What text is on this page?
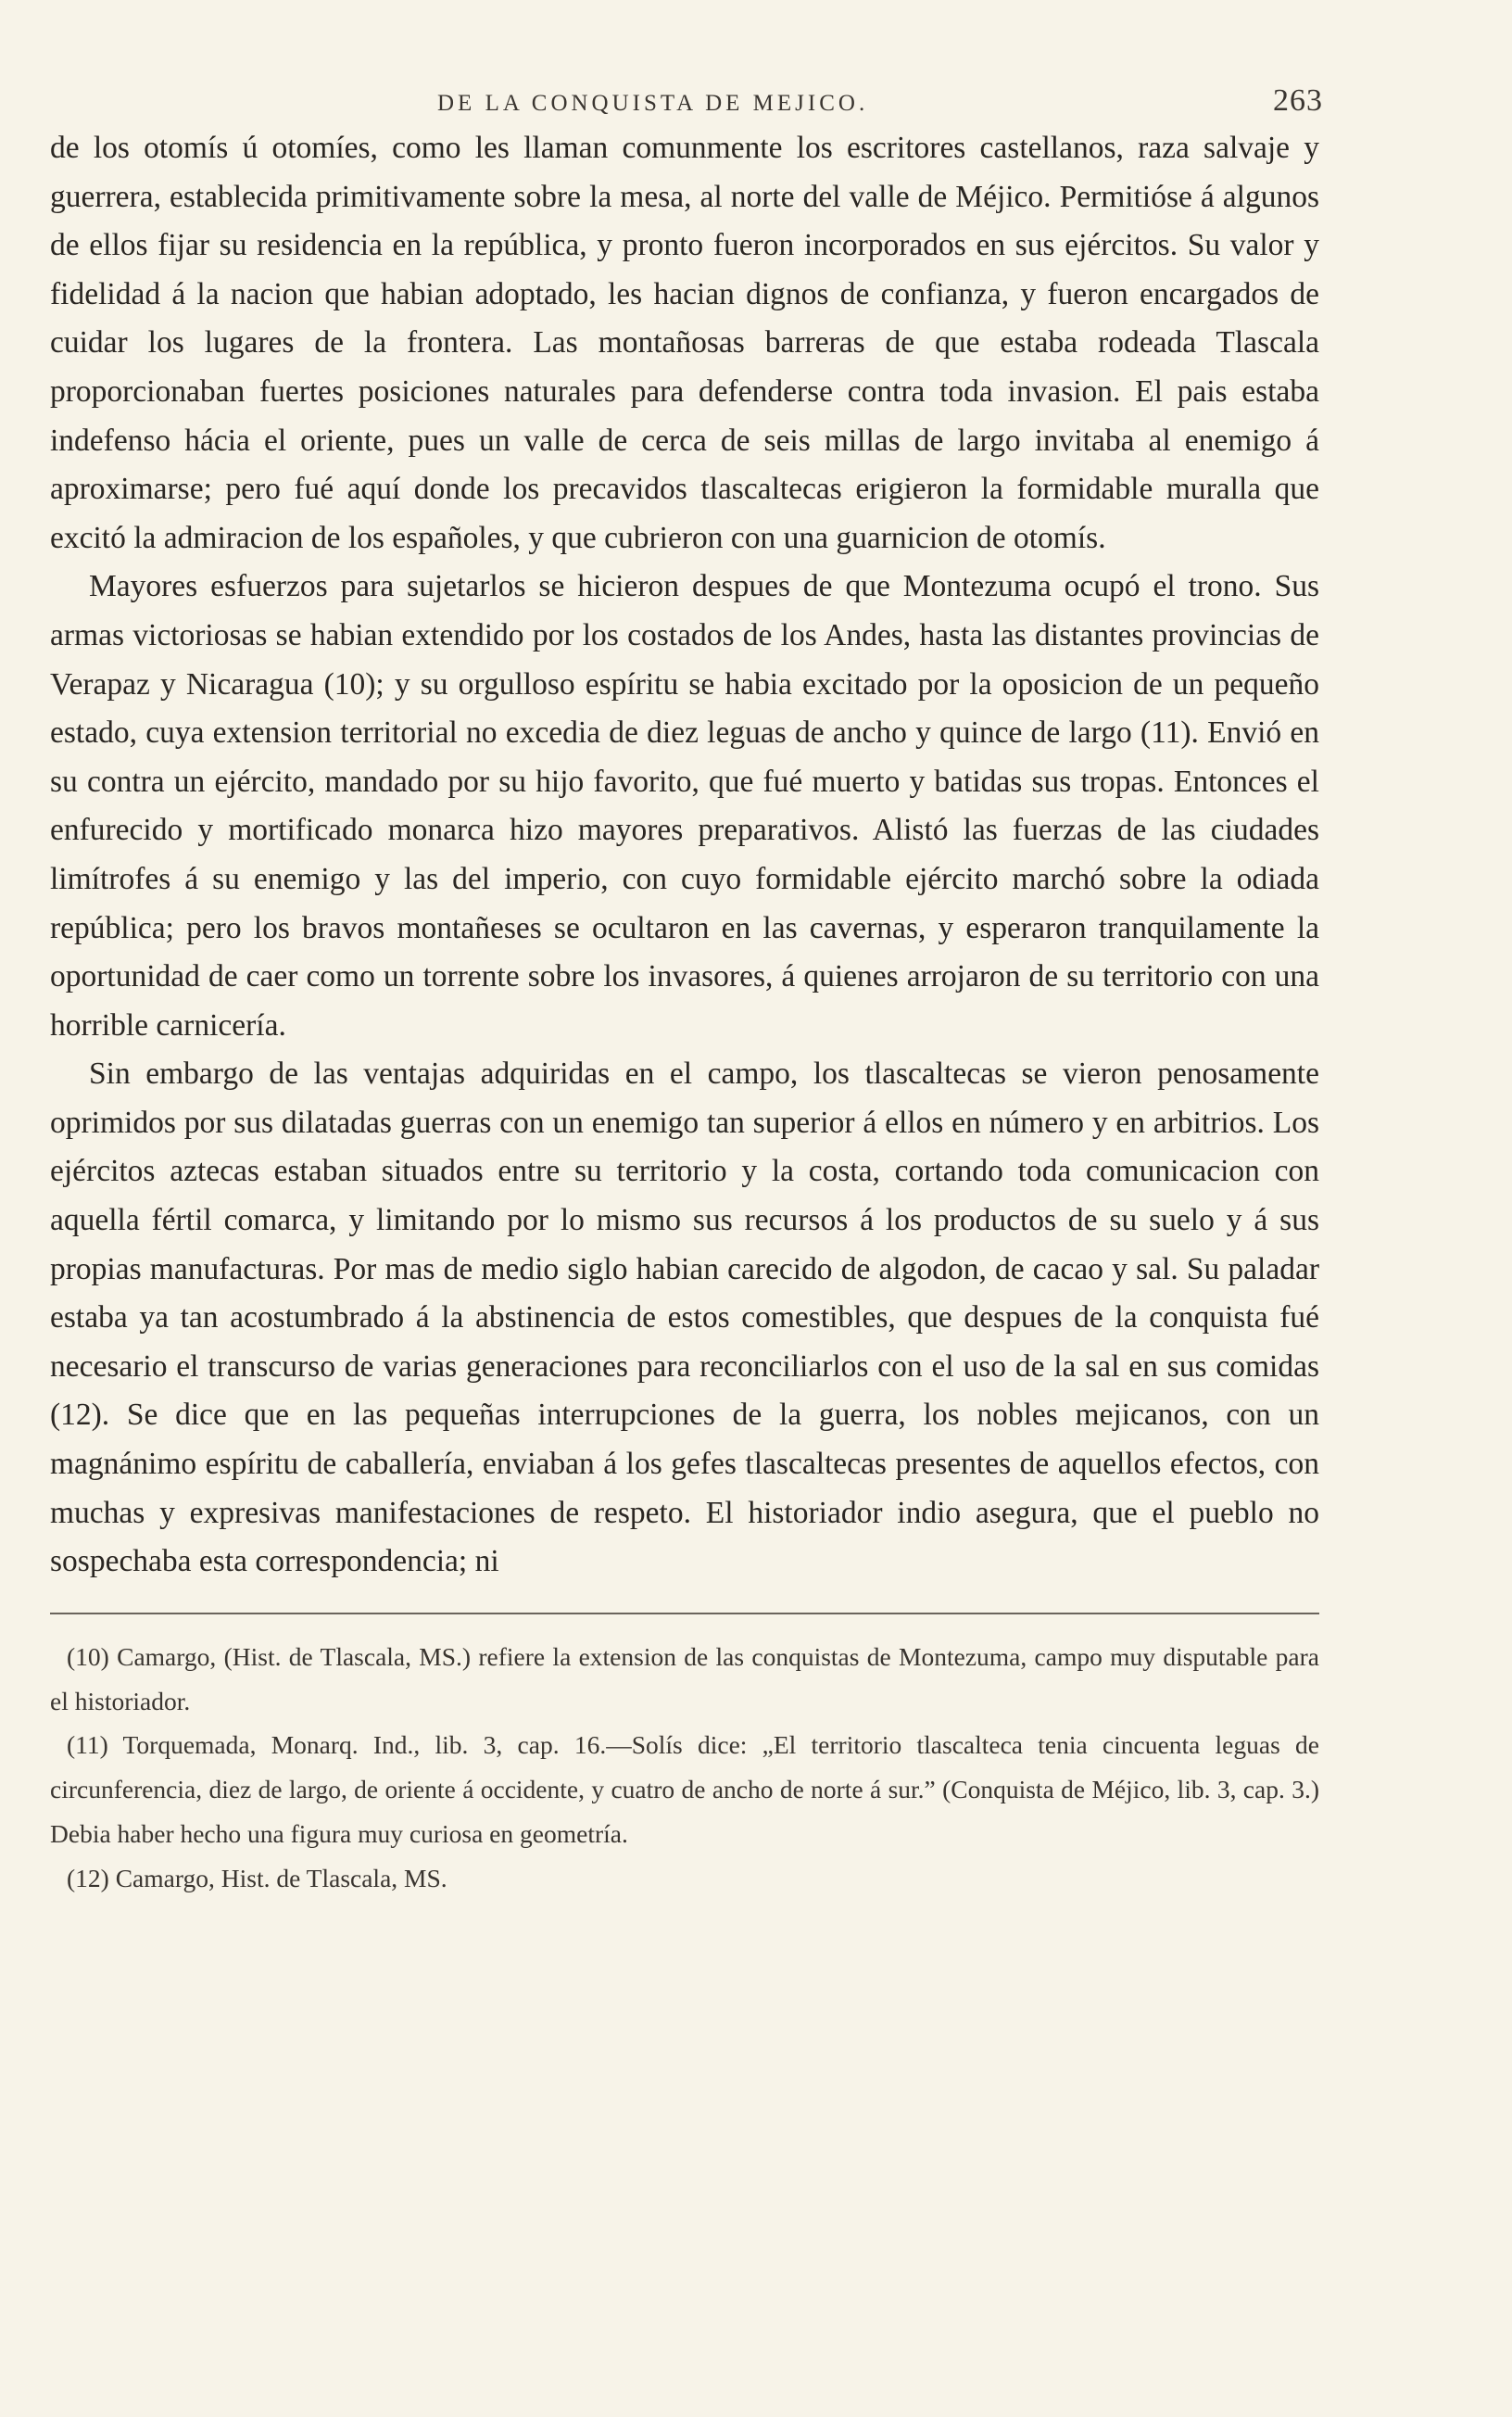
DE LA CONQUISTA DE MEJICO.	263

de los otomís ú otomíes, como les llaman comunmente los escritores castellanos, raza salvaje y guerrera, establecida primitivamente sobre la mesa, al norte del valle de Méjico. Permitióse á algunos de ellos fijar su residencia en la república, y pronto fueron incorporados en sus ejércitos. Su valor y fidelidad á la nacion que habian adoptado, les hacian dignos de confianza, y fueron encargados de cuidar los lugares de la frontera. Las montañosas barreras de que estaba rodeada Tlascala proporcionaban fuertes posiciones naturales para defenderse contra toda invasion. El pais estaba indefenso hácia el oriente, pues un valle de cerca de seis millas de largo invitaba al enemigo á aproximarse; pero fué aquí donde los precavidos tlascaltecas erigieron la formidable muralla que excitó la admiracion de los españoles, y que cubrieron con una guarnicion de otomís.

Mayores esfuerzos para sujetarlos se hicieron despues de que Montezuma ocupó el trono. Sus armas victoriosas se habian extendido por los costados de los Andes, hasta las distantes provincias de Verapaz y Nicaragua (10); y su orgulloso espíritu se habia excitado por la oposicion de un pequeño estado, cuya extension territorial no excedia de diez leguas de ancho y quince de largo (11). Envió en su contra un ejército, mandado por su hijo favorito, que fué muerto y batidas sus tropas. Entonces el enfurecido y mortificado monarca hizo mayores preparativos. Alistó las fuerzas de las ciudades limítrofes á su enemigo y las del imperio, con cuyo formidable ejército marchó sobre la odiada república; pero los bravos montañeses se ocultaron en las cavernas, y esperaron tranquilamente la oportunidad de caer como un torrente sobre los invasores, á quienes arrojaron de su territorio con una horrible carnicería.

Sin embargo de las ventajas adquiridas en el campo, los tlascaltecas se vieron penosamente oprimidos por sus dilatadas guerras con un enemigo tan superior á ellos en número y en arbitrios. Los ejércitos aztecas estaban situados entre su territorio y la costa, cortando toda comunicacion con aquella fértil comarca, y limitando por lo mismo sus recursos á los productos de su suelo y á sus propias manufacturas. Por mas de medio siglo habian carecido de algodon, de cacao y sal. Su paladar estaba ya tan acostumbrado á la abstinencia de estos comestibles, que despues de la conquista fué necesario el transcurso de varias generaciones para reconciliarlos con el uso de la sal en sus comidas (12). Se dice que en las pequeñas interrupciones de la guerra, los nobles mejicanos, con un magnánimo espíritu de caballería, enviaban á los gefes tlascaltecas presentes de aquellos efectos, con muchas y expresivas manifestaciones de respeto. El historiador indio asegura, que el pueblo no sospechaba esta correspondencia; ni

(10) Camargo, (Hist. de Tlascala, MS.) refiere la extension de las conquistas de Montezuma, campo muy disputable para el historiador.

(11) Torquemada, Monarq. Ind., lib. 3, cap. 16.—Solís dice: „El territorio tlascalteca tenia cincuenta leguas de circunferencia, diez de largo, de oriente á occidente, y cuatro de ancho de norte á sur.” (Conquista de Méjico, lib. 3, cap. 3.) Debia haber hecho una figura muy curiosa en geometría.

(12) Camargo, Hist. de Tlascala, MS.
